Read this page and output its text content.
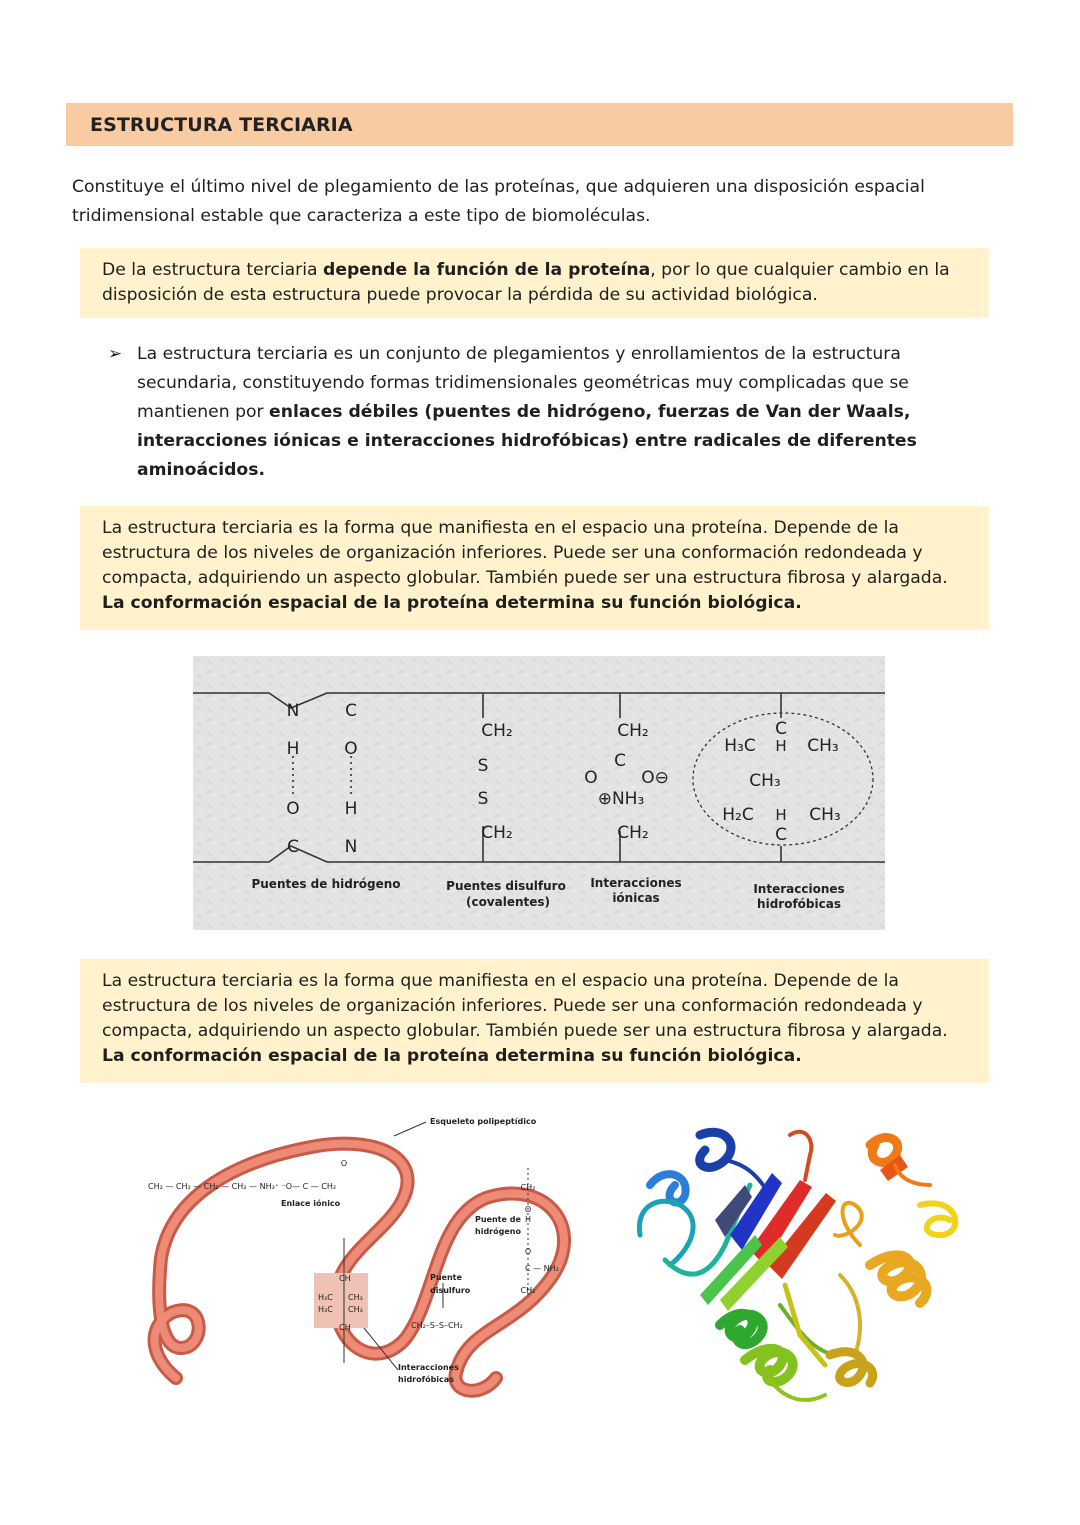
ESTRUCTURA TERCIARIA
Constituye el último nivel de plegamiento de las proteínas, que adquieren una disposición espacial
tridimensional estable que caracteriza a este tipo de biomoléculas.
De la estructura terciaria depende la función de la proteína, por lo que cualquier cambio en la
disposición de esta estructura puede provocar la pérdida de su actividad biológica.
➢ La estructura terciaria es un conjunto de plegamientos y enrollamientos de la estructura
secundaria, constituyendo formas tridimensionales geométricas muy complicadas que se
mantienen por enlaces débiles (puentes de hidrógeno, fuerzas de Van der Waals,
interacciones iónicas e interacciones hidrofóbicas) entre radicales de diferentes
aminoácidos.
La estructura terciaria es la forma que manifiesta en el espacio una proteína. Depende de la
estructura de los niveles de organización inferiores. Puede ser una conformación redondeada y
compacta, adquiriendo un aspecto globular. También puede ser una estructura fibrosa y alargada.
La conformación espacial de la proteína determina su función biológica.
N
H
O
C
C
O
H
N
CH₂
S
S
CH₂
CH₂
C
O	O⊖
⊕NH₃
CH₂
C
H₃C H CH₃
CH₃
H₂C H CH₃
C
Puentes de hidrógeno	Puentes disulfuro
(covalentes)
Interacciones
iónicas
Interacciones
hidrofóbicas
La estructura terciaria es la forma que manifiesta en el espacio una proteína. Depende de la
estructura de los niveles de organización inferiores. Puede ser una conformación redondeada y
compacta, adquiriendo un aspecto globular. También puede ser una estructura fibrosa y alargada.
La conformación espacial de la proteína determina su función biológica.
Esqueleto polipeptídico
CH₂ — CH₂ — CH₂ — CH₂ — NH₃⁺ ⁻O— C — CH₂
O
Enlace iónico
Puente de
hidrógeno
Puente
disulfuro
CH₂–S–S–CH₂
Interacciones
hidrofóbicas
CH
H₃C CH₃
H₃C CH₃
CH
CH₂
O
H
O
C — NH₂
CH₂
